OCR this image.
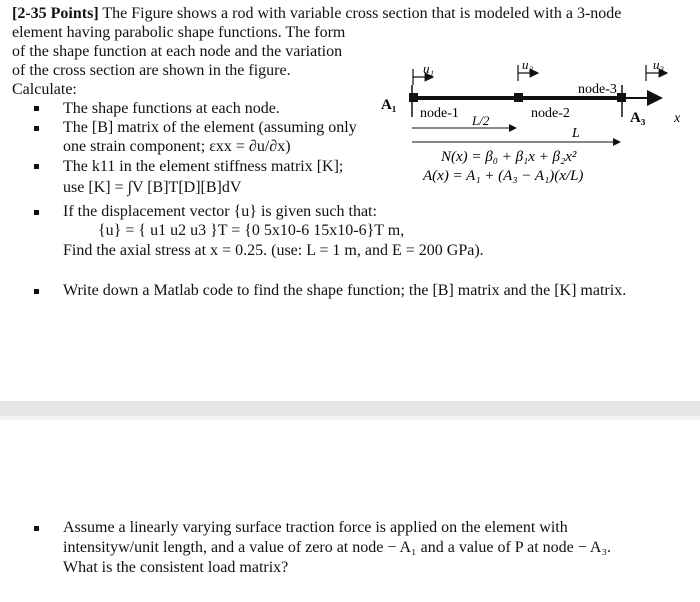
[2-35 Points] The Figure shows a rod with variable cross section that is modeled with a 3-node
element having parabolic shape functions. The form
of the shape function at each node and the variation
of the cross section are shown in the figure.
Calculate:
The shape functions at each node.
The [B] matrix of the element (assuming only
one strain component; εxx = ∂u/∂x)
The k11 in the element stiffness matrix [K];
use [K] = ∫V [B]T[D][B]dV
If the displacement vector {u} is given such that:
{u} = { u1 u2 u3 }T = {0 5x10-6 15x10-6}T m,
Find the axial stress at x = 0.25. (use: L = 1 m, and E = 200 GPa).
Write down a Matlab code to find the shape function; the [B] matrix and the [K] matrix.
A₁
A₃
node-1	node-2
node-3
u₁	u₂	u₃
x
L/2
L
N(x) = β₀ + β₁x + β₂x²
A(x) = A₁ + (A₃ − A₁)(x/L)
Assume a linearly varying surface traction force is applied on the element with
intensityw/unit length, and a value of zero at node − A₁ and a value of P at node − A₃.
What is the consistent load matrix?
